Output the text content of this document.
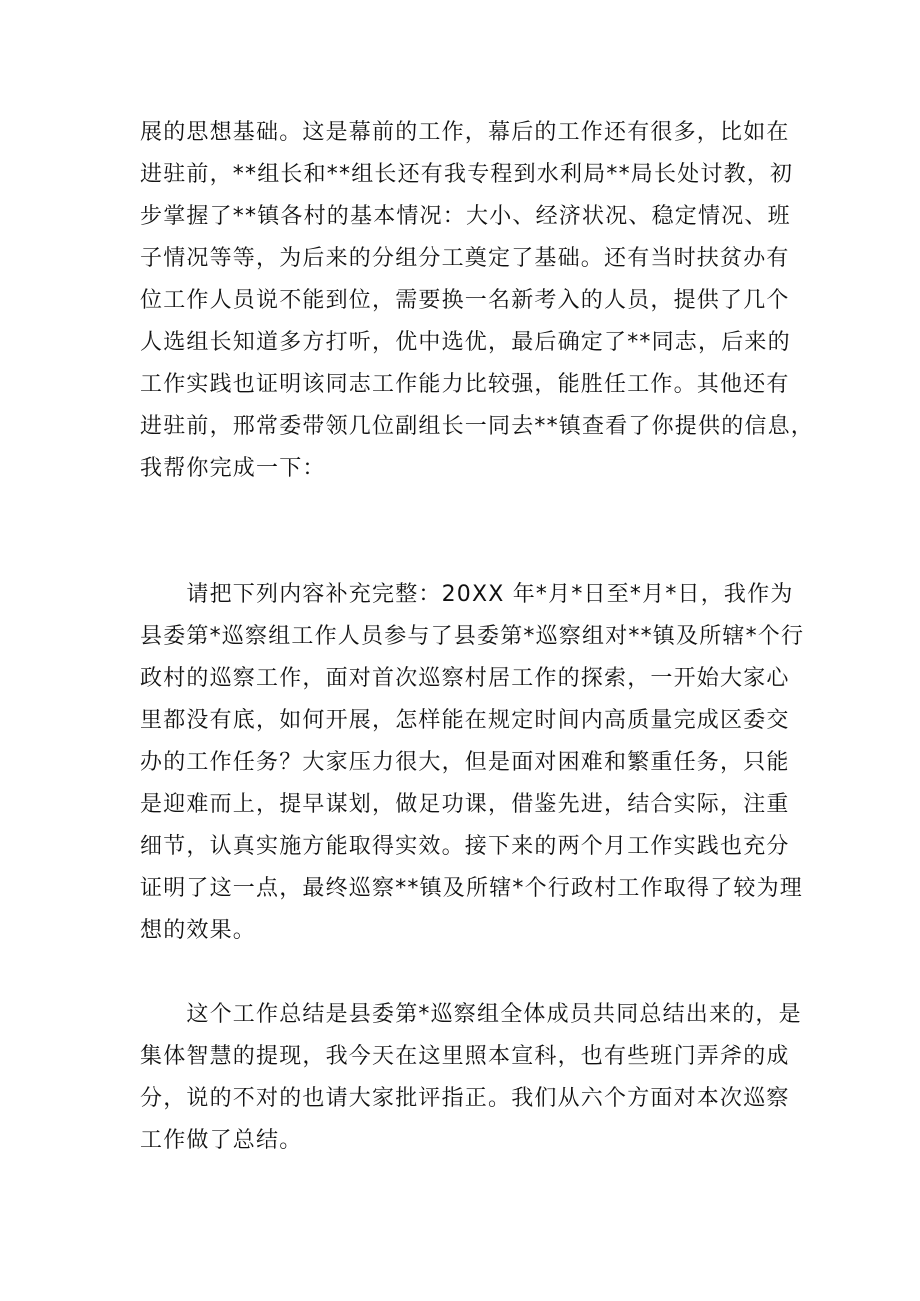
展的思想基础。这是幕前的工作，幕后的工作还有很多，比如在
进驻前，**组长和**组长还有我专程到水利局**局长处讨教，初
步掌握了**镇各村的基本情况：大小、经济状况、稳定情况、班
子情况等等，为后来的分组分工奠定了基础。还有当时扶贫办有
位工作人员说不能到位，需要换一名新考入的人员，提供了几个
人选组长知道多方打听，优中选优，最后确定了**同志，后来的
工作实践也证明该同志工作能力比较强，能胜任工作。其他还有
进驻前，邢常委带领几位副组长一同去**镇查看了你提供的信息，
我帮你完成一下：
　　请把下列内容补充完整：20XX 年*月*日至*月*日，我作为
县委第*巡察组工作人员参与了县委第*巡察组对**镇及所辖*个行
政村的巡察工作，面对首次巡察村居工作的探索，一开始大家心
里都没有底，如何开展，怎样能在规定时间内高质量完成区委交
办的工作任务？大家压力很大，但是面对困难和繁重任务，只能
是迎难而上，提早谋划，做足功课，借鉴先进，结合实际，注重
细节，认真实施方能取得实效。接下来的两个月工作实践也充分
证明了这一点，最终巡察**镇及所辖*个行政村工作取得了较为理
想的效果。
　　这个工作总结是县委第*巡察组全体成员共同总结出来的，是
集体智慧的提现，我今天在这里照本宣科，也有些班门弄斧的成
分，说的不对的也请大家批评指正。我们从六个方面对本次巡察
工作做了总结。
